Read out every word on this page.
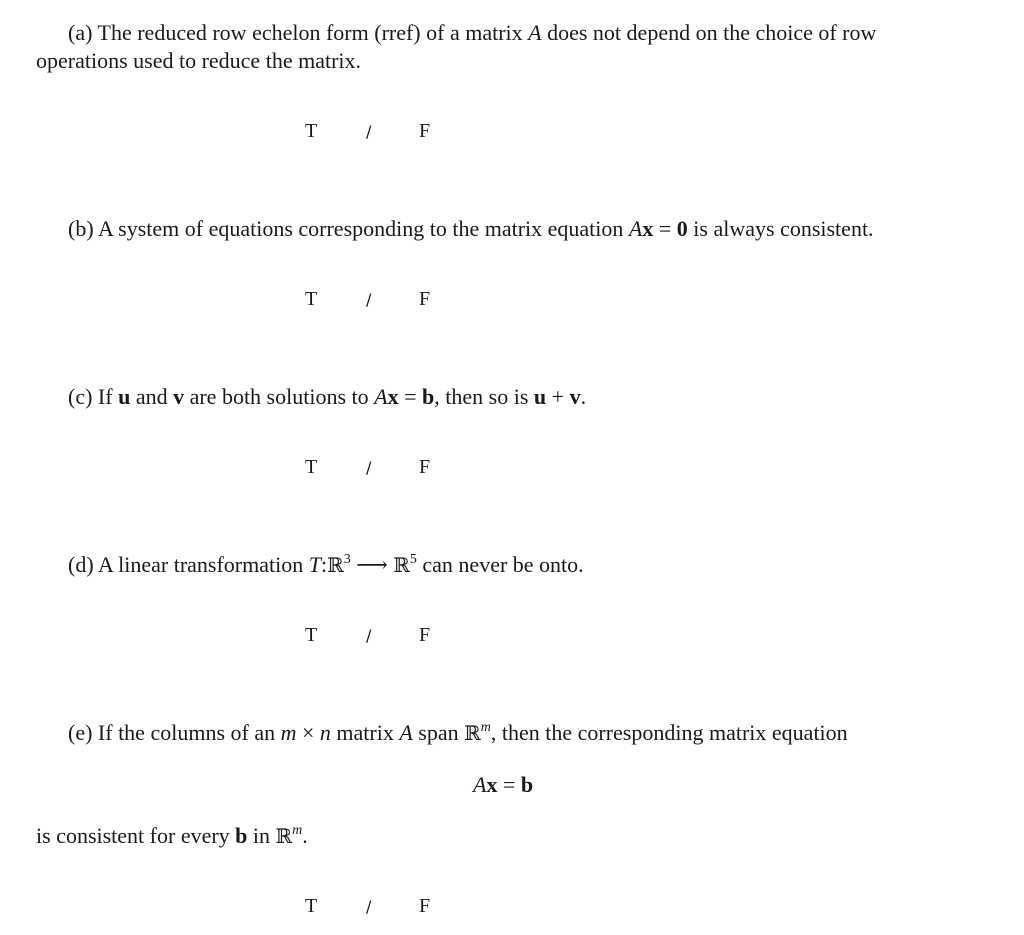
(a) The reduced row echelon form (rref) of a matrix A does not depend on the choice of row
operations used to reduce the matrix.
T	/ F
(b) A system of equations corresponding to the matrix equation Ax = 0 is always consistent.
T	/ F
(c) If u and v are both solutions to Ax = b, then so is u + v.
T	/ F
(d) A linear transformation T:ℝ$^3$ ⟶ ℝ$^5$ can never be onto.
T	/ F
(e) If the columns of an m × n matrix A span ℝ$^m$, then the corresponding matrix equation
Ax = b
is consistent for every b in ℝ$^m$.
T	/ F
